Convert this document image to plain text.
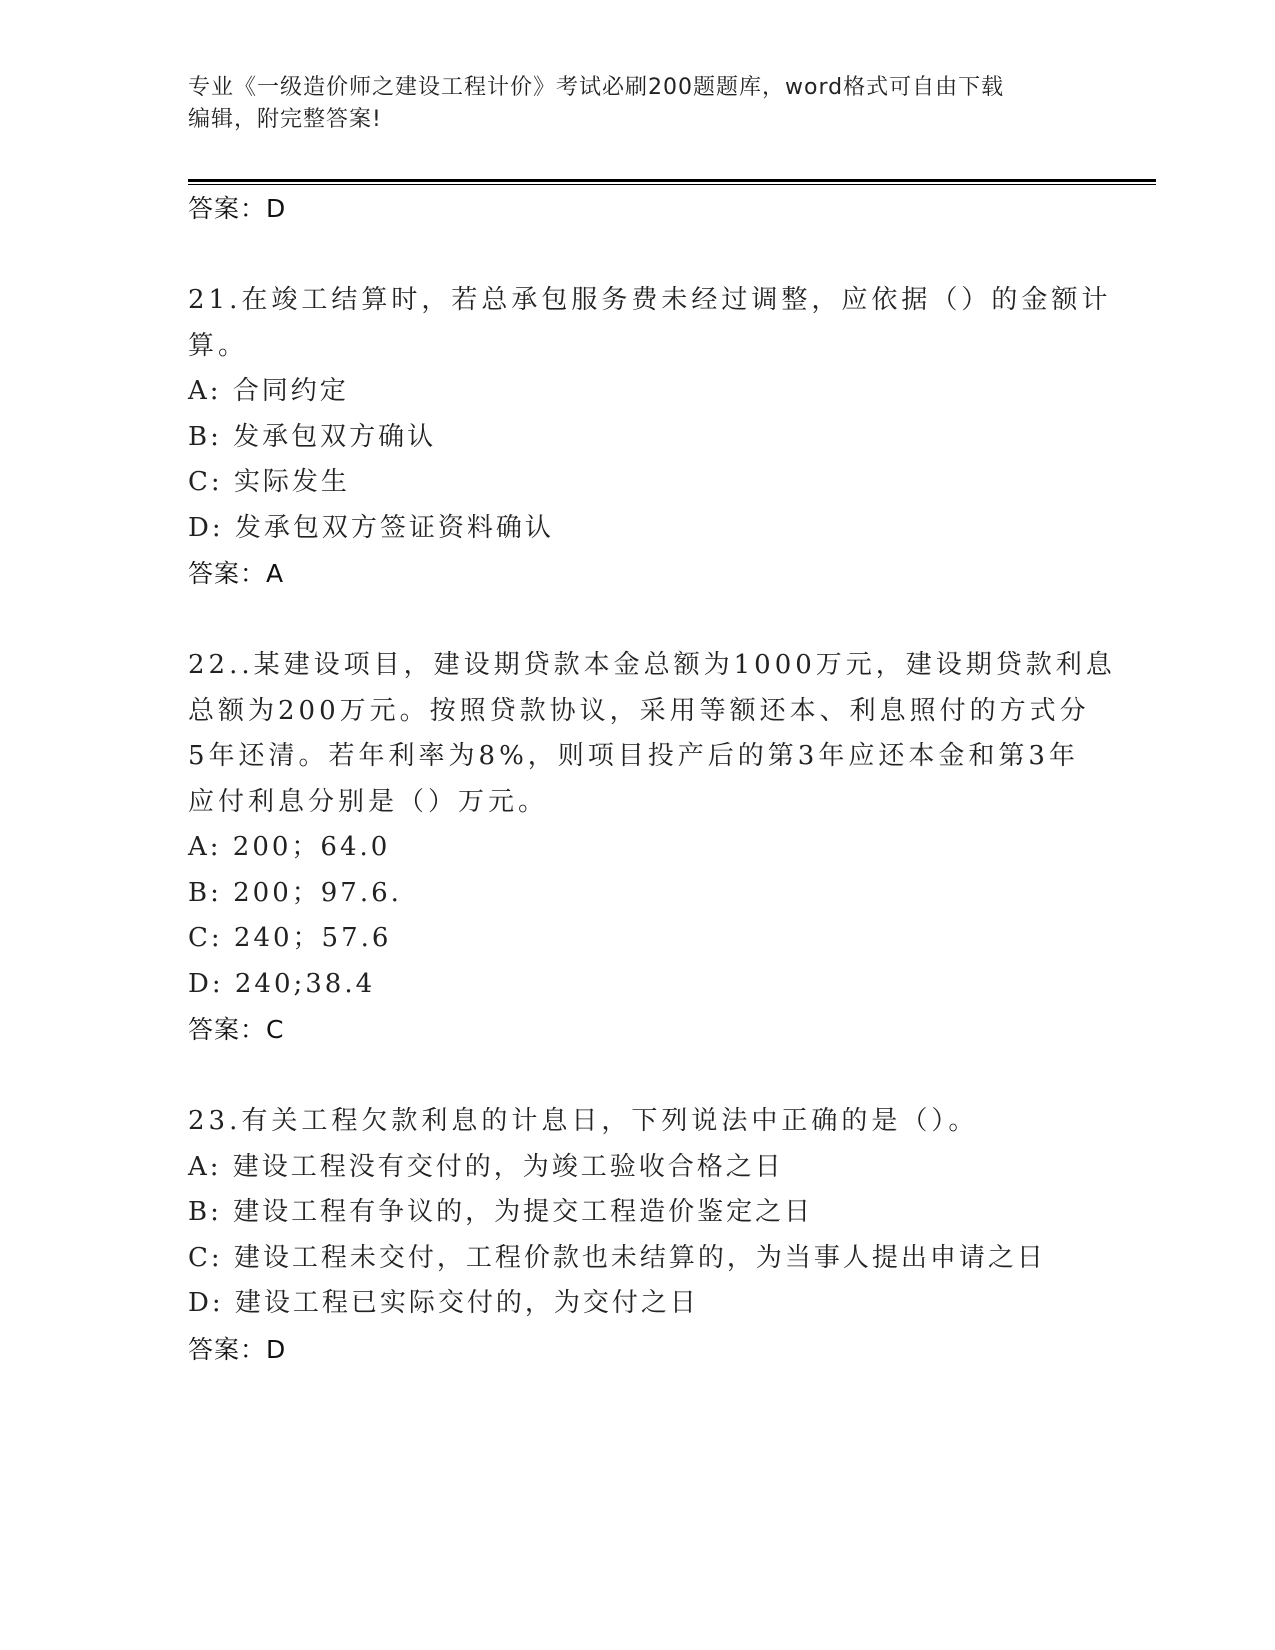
专业《一级造价师之建设工程计价》考试必刷200题题库，word格式可自由下载
编辑，附完整答案!
答案：D
21.在竣工结算时，若总承包服务费未经过调整，应依据（）的金额计
算。
A: 合同约定
B: 发承包双方确认
C: 实际发生
D: 发承包双方签证资料确认
答案：A
22..某建设项目，建设期贷款本金总额为1000万元，建设期贷款利息
总额为200万元。按照贷款协议，采用等额还本、利息照付的方式分
5年还清。若年利率为8%，则项目投产后的第3年应还本金和第3年
应付利息分别是（）万元。
A: 200；64.0
B: 200；97.6.
C: 240；57.6
D: 240;38.4
答案：C
23.有关工程欠款利息的计息日，下列说法中正确的是（）。
A: 建设工程没有交付的，为竣工验收合格之日
B: 建设工程有争议的，为提交工程造价鉴定之日
C: 建设工程未交付，工程价款也未结算的，为当事人提出申请之日
D: 建设工程已实际交付的，为交付之日
答案：D
